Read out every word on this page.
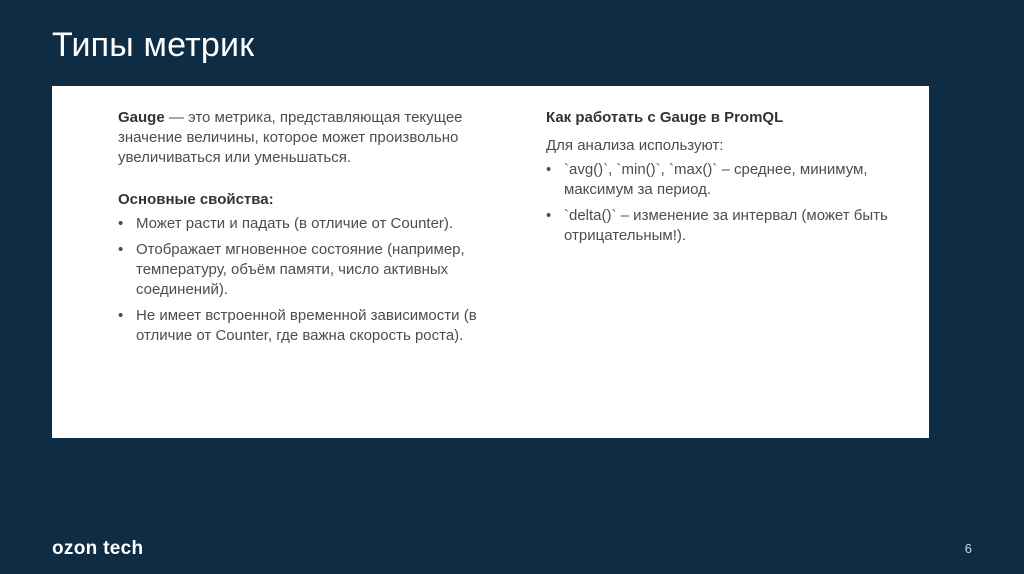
Типы метрик

Gauge — это метрика, представляющая текущее значение величины, которое может произвольно увеличиваться или уменьшаться.

Основные свойства:

• Может расти и падать (в отличие от Counter).
• Отображает мгновенное состояние (например, температуру, объём памяти, число активных соединений).
• Не имеет встроенной временной зависимости (в отличие от Counter, где важна скорость роста).

Как работать с Gauge в PromQL

Для анализа используют:

• `avg()`, `min()`, `max()` – среднее, минимум, максимум за период.
• `delta()` – изменение за интервал (может быть отрицательным!).
ozon tech	6
